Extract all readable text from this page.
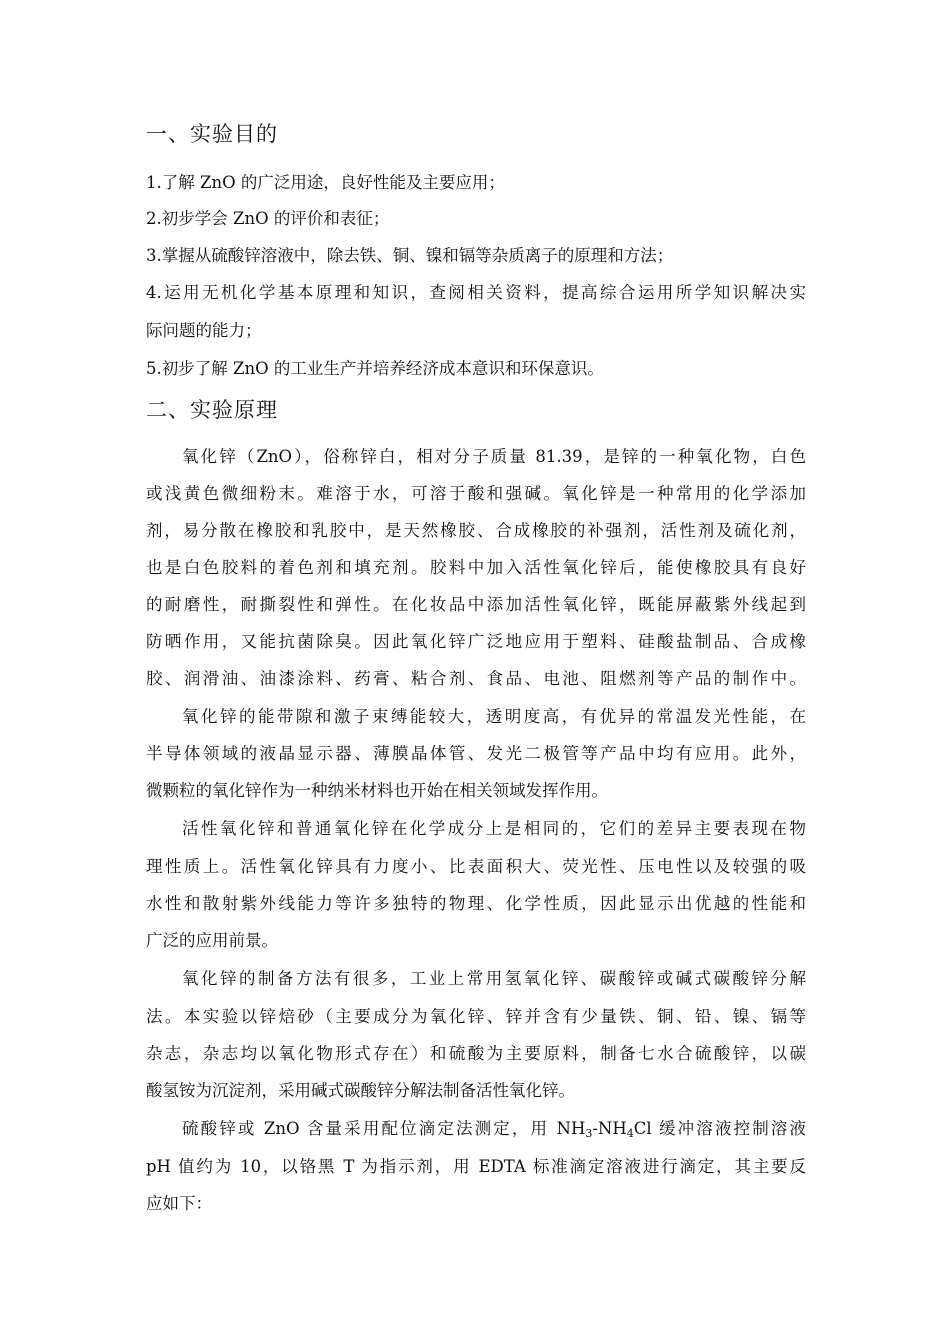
一、实验目的
1.了解 ZnO 的广泛用途，良好性能及主要应用；
2.初步学会 ZnO 的评价和表征；
3.掌握从硫酸锌溶液中，除去铁、铜、镍和镉等杂质离子的原理和方法；
4.运用无机化学基本原理和知识，查阅相关资料，提高综合运用所学知识解决实
际问题的能力；
5.初步了解 ZnO 的工业生产并培养经济成本意识和环保意识。
二、实验原理
氧化锌（ZnO），俗称锌白，相对分子质量 81.39，是锌的一种氧化物，白色
或浅黄色微细粉末。难溶于水，可溶于酸和强碱。氧化锌是一种常用的化学添加
剂，易分散在橡胶和乳胶中，是天然橡胶、合成橡胶的补强剂，活性剂及硫化剂，
也是白色胶料的着色剂和填充剂。胶料中加入活性氧化锌后，能使橡胶具有良好
的耐磨性，耐撕裂性和弹性。在化妆品中添加活性氧化锌，既能屏蔽紫外线起到
防晒作用，又能抗菌除臭。因此氧化锌广泛地应用于塑料、硅酸盐制品、合成橡
胶、润滑油、油漆涂料、药膏、粘合剂、食品、电池、阻燃剂等产品的制作中。
氧化锌的能带隙和激子束缚能较大，透明度高，有优异的常温发光性能，在
半导体领域的液晶显示器、薄膜晶体管、发光二极管等产品中均有应用。此外，
微颗粒的氧化锌作为一种纳米材料也开始在相关领域发挥作用。
活性氧化锌和普通氧化锌在化学成分上是相同的，它们的差异主要表现在物
理性质上。活性氧化锌具有力度小、比表面积大、荧光性、压电性以及较强的吸
水性和散射紫外线能力等许多独特的物理、化学性质，因此显示出优越的性能和
广泛的应用前景。
氧化锌的制备方法有很多，工业上常用氢氧化锌、碳酸锌或碱式碳酸锌分解
法。本实验以锌焙砂（主要成分为氧化锌、锌并含有少量铁、铜、铅、镍、镉等
杂志，杂志均以氧化物形式存在）和硫酸为主要原料，制备七水合硫酸锌，以碳
酸氢铵为沉淀剂，采用碱式碳酸锌分解法制备活性氧化锌。
硫酸锌或 ZnO 含量采用配位滴定法测定，用 $NH_3-NH_4Cl$ 缓冲溶液控制溶液
pH 值约为 10，以铬黑 T 为指示剂，用 EDTA 标准滴定溶液进行滴定，其主要反
应如下：
